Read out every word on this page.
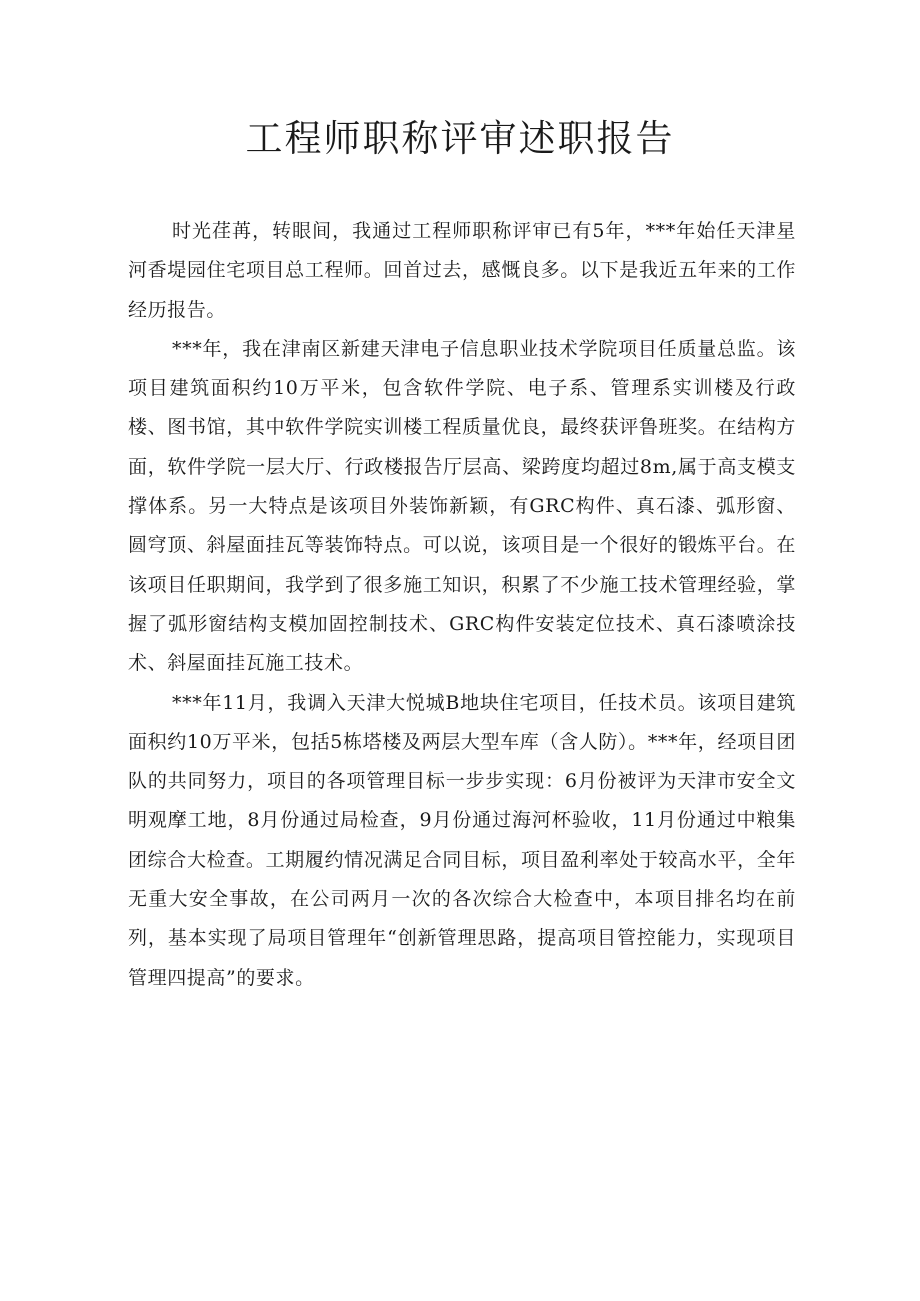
工程师职称评审述职报告

时光荏苒，转眼间，我通过工程师职称评审已有5年，***年始任天津星河香堤园住宅项目总工程师。回首过去，感慨良多。以下是我近五年来的工作经历报告。

***年，我在津南区新建天津电子信息职业技术学院项目任质量总监。该项目建筑面积约10万平米，包含软件学院、电子系、管理系实训楼及行政楼、图书馆，其中软件学院实训楼工程质量优良，最终获评鲁班奖。在结构方面，软件学院一层大厅、行政楼报告厅层高、梁跨度均超过8m,属于高支模支撑体系。另一大特点是该项目外装饰新颖，有GRC构件、真石漆、弧形窗、圆穹顶、斜屋面挂瓦等装饰特点。可以说，该项目是一个很好的锻炼平台。在该项目任职期间，我学到了很多施工知识，积累了不少施工技术管理经验，掌握了弧形窗结构支模加固控制技术、GRC构件安装定位技术、真石漆喷涂技术、斜屋面挂瓦施工技术。

***年11月，我调入天津大悦城B地块住宅项目，任技术员。该项目建筑面积约10万平米，包括5栋塔楼及两层大型车库（含人防）。***年，经项目团队的共同努力，项目的各项管理目标一步步实现：6月份被评为天津市安全文明观摩工地，8月份通过局检查，9月份通过海河杯验收，11月份通过中粮集团综合大检查。工期履约情况满足合同目标，项目盈利率处于较高水平，全年无重大安全事故，在公司两月一次的各次综合大检查中，本项目排名均在前列，基本实现了局项目管理年“创新管理思路，提高项目管控能力，实现项目管理四提高”的要求。
